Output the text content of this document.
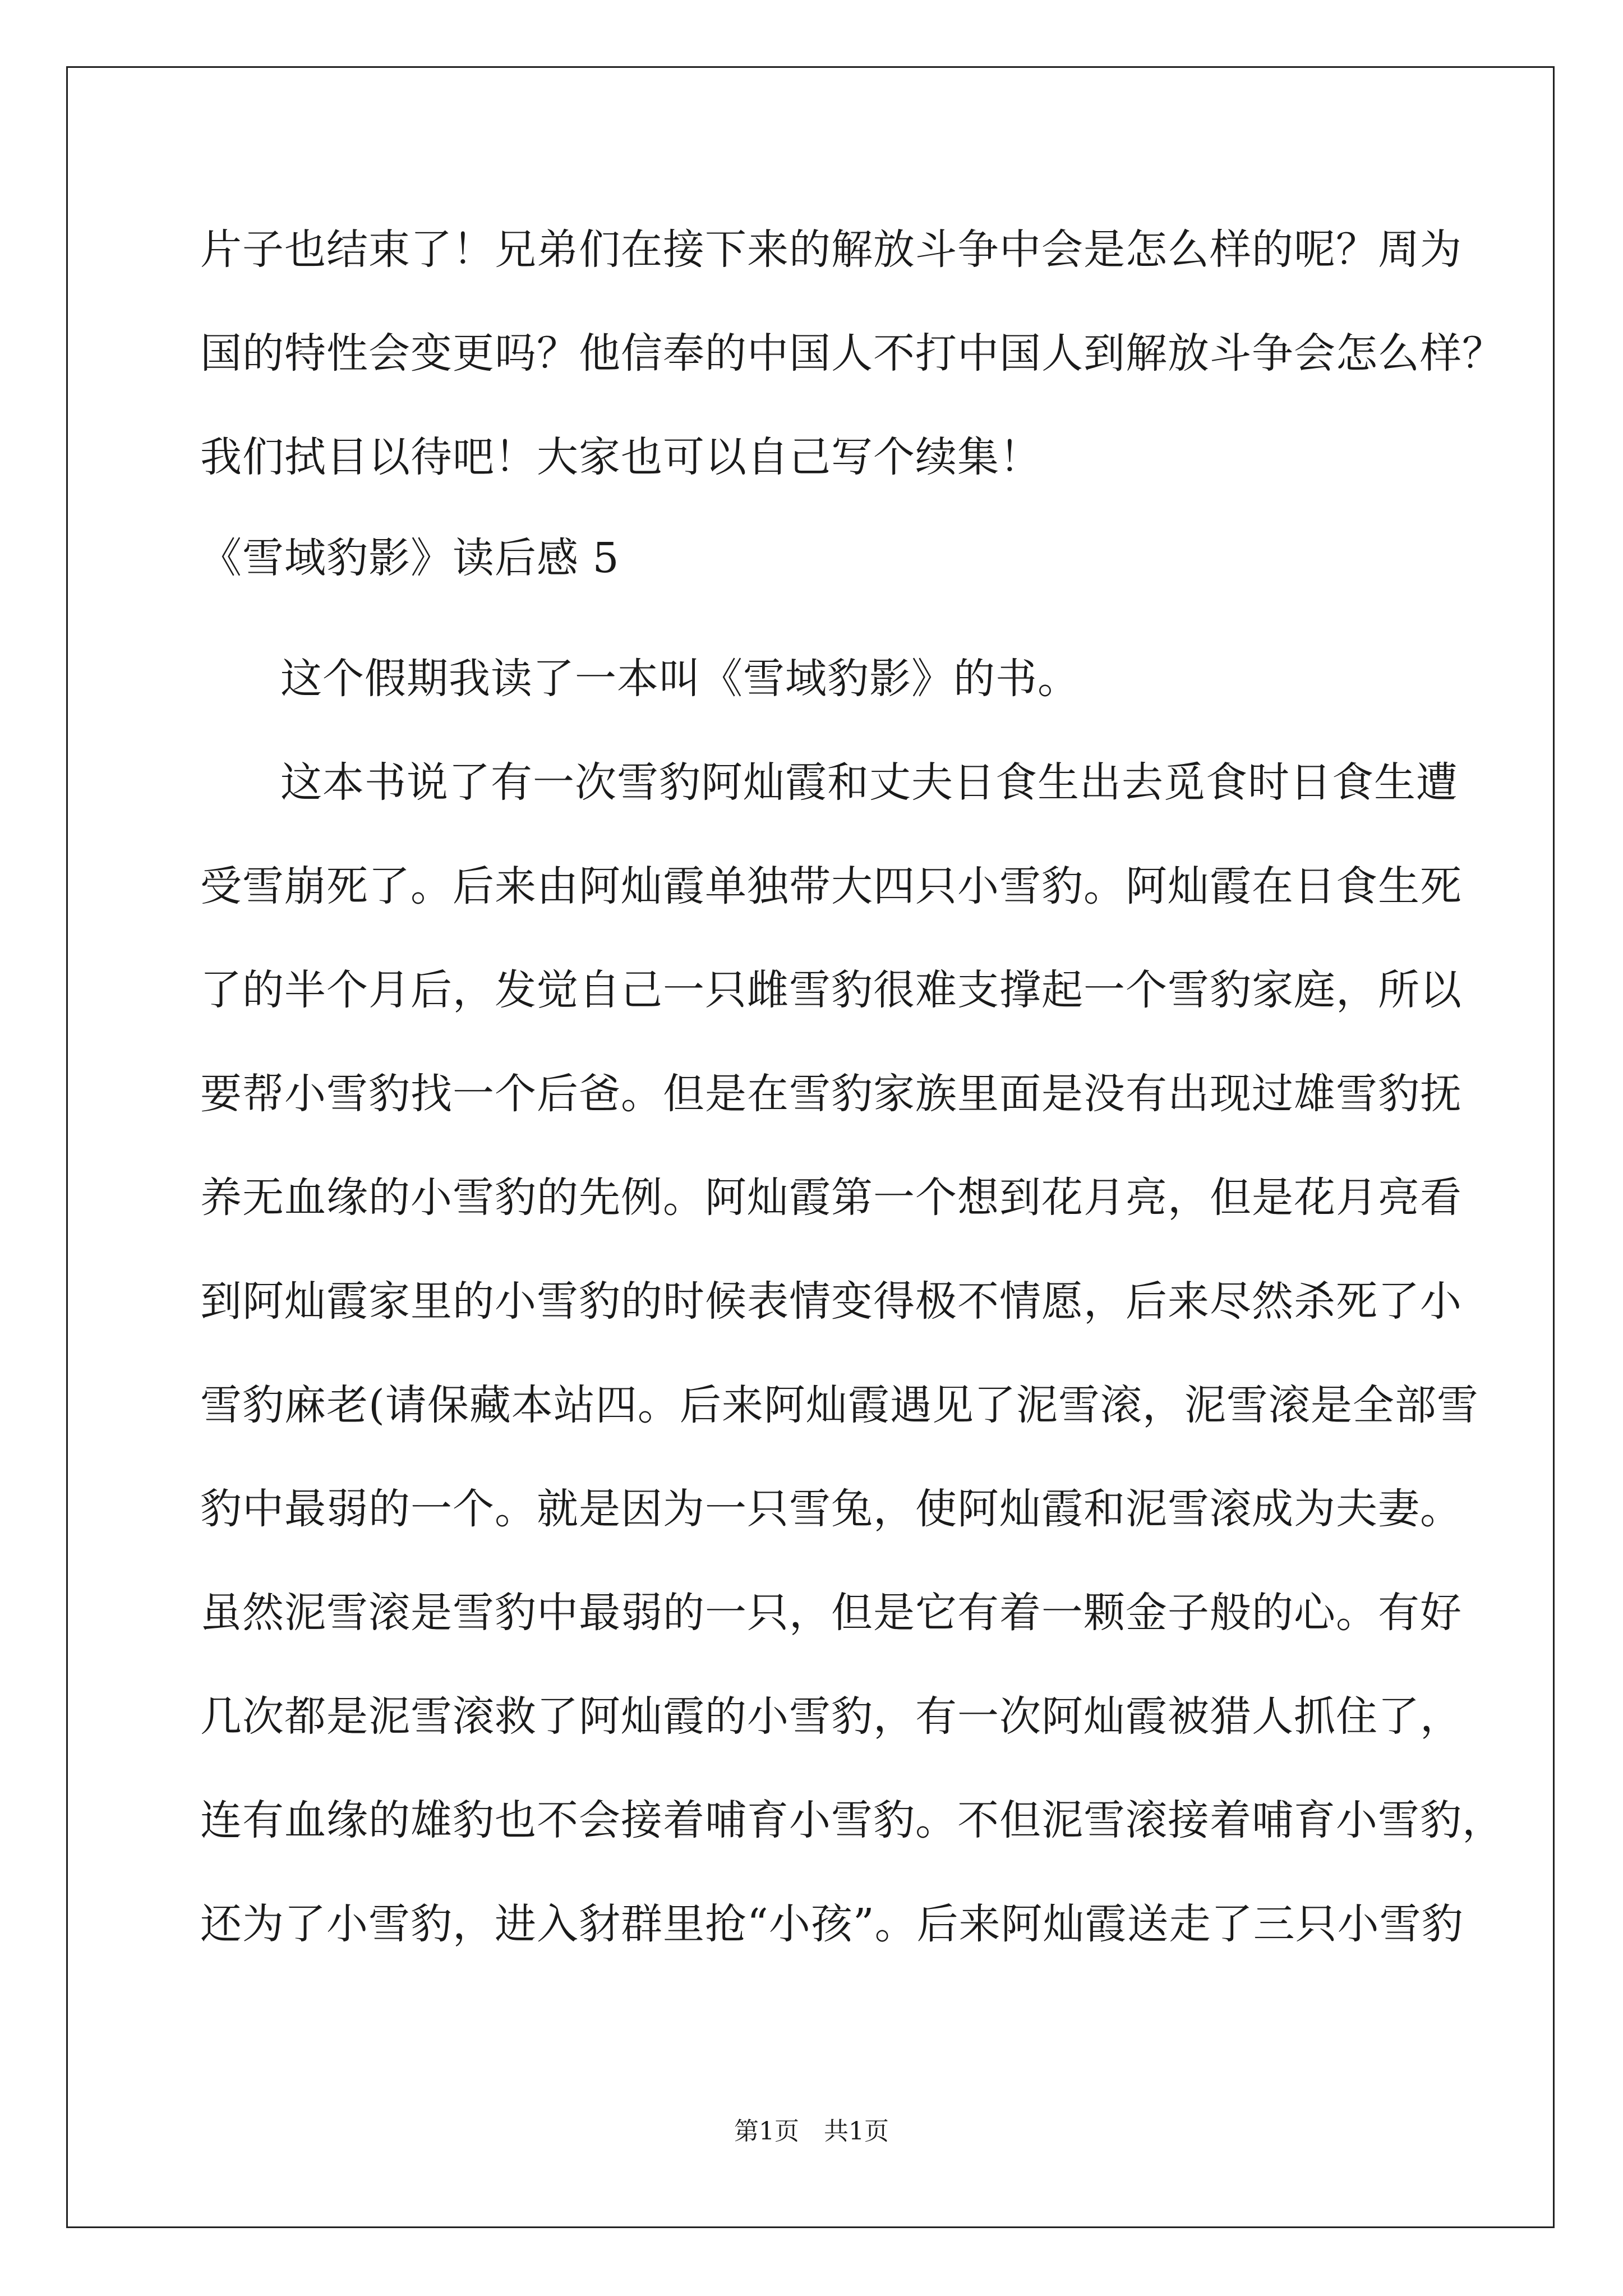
片子也结束了！兄弟们在接下来的解放斗争中会是怎么样的呢？周为
国的特性会变更吗？他信奉的中国人不打中国人到解放斗争会怎么样？
我们拭目以待吧！大家也可以自己写个续集！
《雪域豹影》读后感 5
这个假期我读了一本叫《雪域豹影》的书。
这本书说了有一次雪豹阿灿霞和丈夫日食生出去觅食时日食生遭
受雪崩死了。后来由阿灿霞单独带大四只小雪豹。阿灿霞在日食生死
了的半个月后，发觉自己一只雌雪豹很难支撑起一个雪豹家庭，所以
要帮小雪豹找一个后爸。但是在雪豹家族里面是没有出现过雄雪豹抚
养无血缘的小雪豹的先例。阿灿霞第一个想到花月亮，但是花月亮看
到阿灿霞家里的小雪豹的时候表情变得极不情愿，后来尽然杀死了小
雪豹麻老(请保藏本站四。后来阿灿霞遇见了泥雪滚，泥雪滚是全部雪
豹中最弱的一个。就是因为一只雪兔，使阿灿霞和泥雪滚成为夫妻。
虽然泥雪滚是雪豹中最弱的一只，但是它有着一颗金子般的心。有好
几次都是泥雪滚救了阿灿霞的小雪豹，有一次阿灿霞被猎人抓住了，
连有血缘的雄豹也不会接着哺育小雪豹。不但泥雪滚接着哺育小雪豹，
还为了小雪豹，进入豺群里抢“小孩”。后来阿灿霞送走了三只小雪豹
第1页　共1页
